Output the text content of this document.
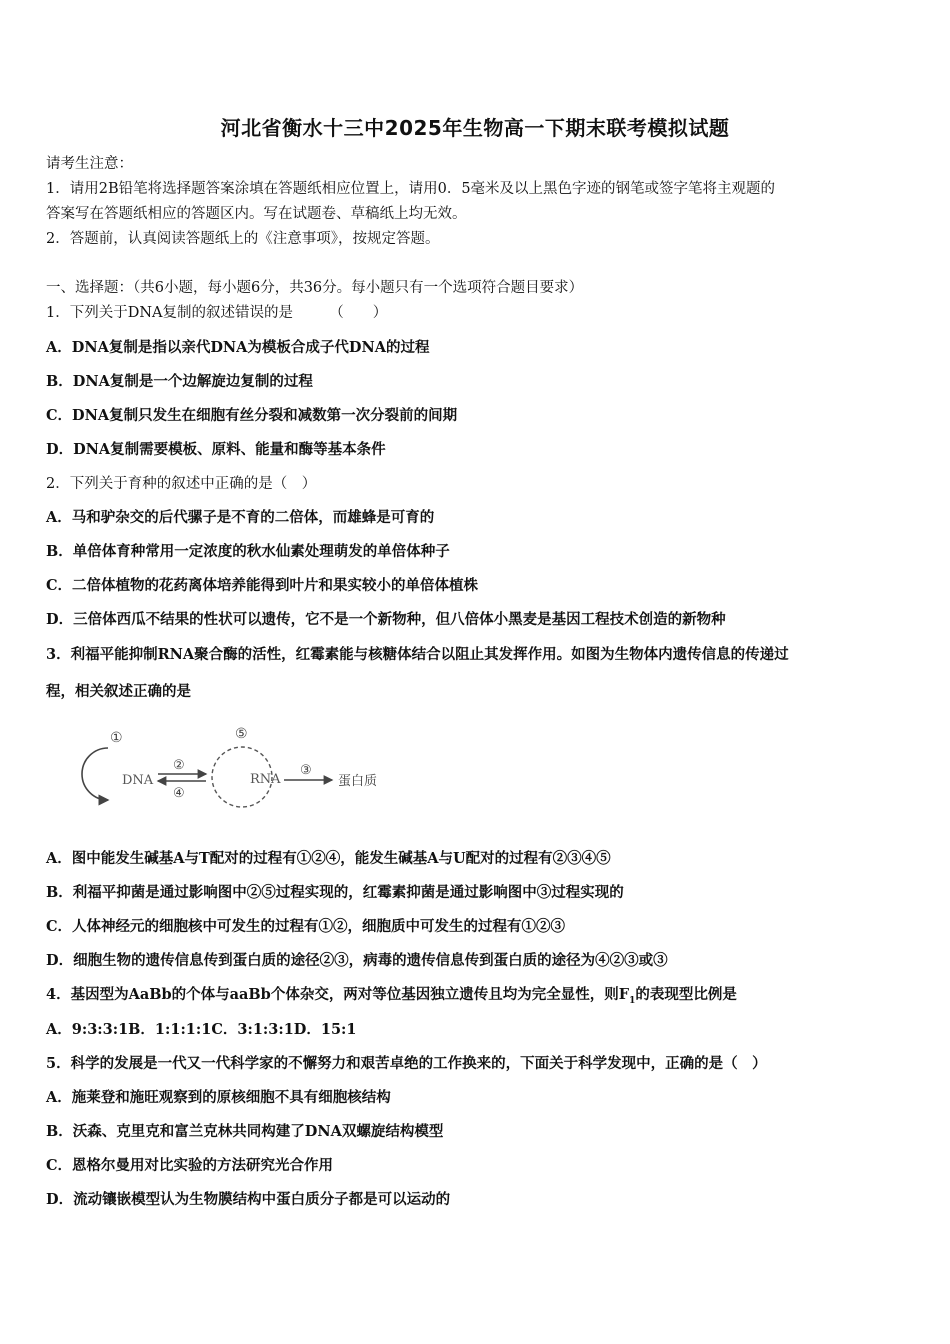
河北省衡水十三中2025年生物高一下期末联考模拟试题
请考生注意：
1．请用2B铅笔将选择题答案涂填在答题纸相应位置上，请用0．5毫米及以上黑色字迹的钢笔或签字笔将主观题的
答案写在答题纸相应的答题区内。写在试题卷、草稿纸上均无效。
2．答题前，认真阅读答题纸上的《注意事项》，按规定答题。
一、选择题：（共6小题，每小题6分，共36分。每小题只有一个选项符合题目要求）
1．下列关于DNA复制的叙述错误的是　　　（　　）
A．DNA复制是指以亲代DNA为模板合成子代DNA的过程
B．DNA复制是一个边解旋边复制的过程
C．DNA复制只发生在细胞有丝分裂和减数第一次分裂前的间期
D．DNA复制需要模板、原料、能量和酶等基本条件
2．下列关于育种的叙述中正确的是（　）
A．马和驴杂交的后代骡子是不育的二倍体，而雄蜂是可育的
B．单倍体育种常用一定浓度的秋水仙素处理萌发的单倍体种子
C．二倍体植物的花药离体培养能得到叶片和果实较小的单倍体植株
D．三倍体西瓜不结果的性状可以遗传，它不是一个新物种，但八倍体小黑麦是基因工程技术创造的新物种
3．利福平能抑制RNA聚合酶的活性，红霉素能与核糖体结合以阻止其发挥作用。如图为生物体内遗传信息的传递过
程，相关叙述正确的是
①
DNA
②
④
⑤
RNA
③
蛋白质
A．图中能发生碱基A与T配对的过程有①②④，能发生碱基A与U配对的过程有②③④⑤
B．利福平抑菌是通过影响图中②⑤过程实现的，红霉素抑菌是通过影响图中③过程实现的
C．人体神经元的细胞核中可发生的过程有①②，细胞质中可发生的过程有①②③
D．细胞生物的遗传信息传到蛋白质的途径②③，病毒的遗传信息传到蛋白质的途径为④②③或③
4．基因型为AaBb的个体与aaBb个体杂交，两对等位基因独立遗传且均为完全显性，则$F_1$的表现型比例是
A．9:3:3:1B．1:1:1:1C．3:1:3:1D．15:1
5．科学的发展是一代又一代科学家的不懈努力和艰苦卓绝的工作换来的，下面关于科学发现中，正确的是（　）
A．施莱登和施旺观察到的原核细胞不具有细胞核结构
B．沃森、克里克和富兰克林共同构建了DNA双螺旋结构模型
C．恩格尔曼用对比实验的方法研究光合作用
D．流动镶嵌模型认为生物膜结构中蛋白质分子都是可以运动的
